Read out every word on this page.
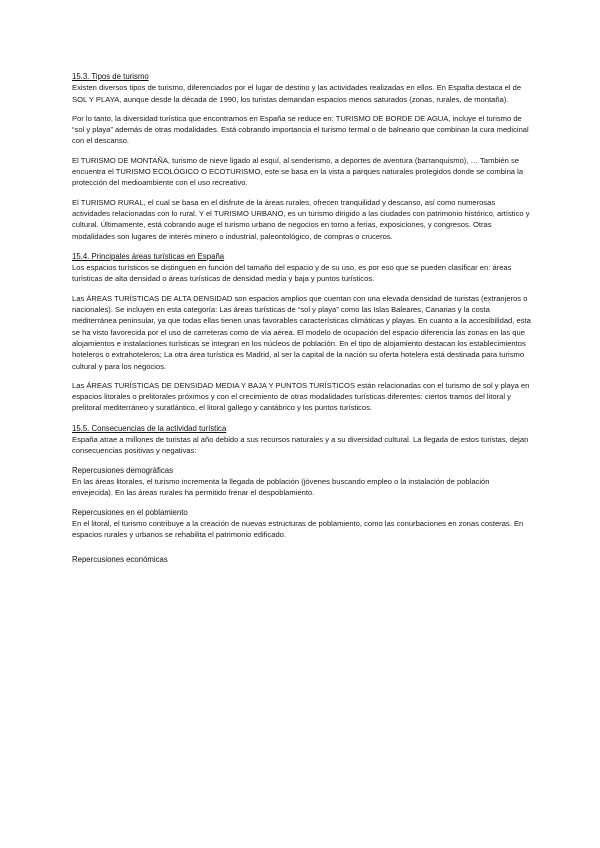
15.3. Tipos de turismo

Existen diversos tipos de turismo, diferenciados por el lugar de destino y las actividades realizadas en ellos. En España destaca el de SOL Y PLAYA, aunque desde la década de 1990, los turistas demandan espacios menos saturados (zonas, rurales, de montaña).

Por lo tanto, la diversidad turística que encontramos en España se reduce en: TURISMO DE BORDE DE AGUA, incluye el turismo de “sol y playa” además de otras modalidades. Está cobrando importancia el turismo termal o de balneario que combinan la cura medicinal con el descanso.

El TURISMO DE MONTAÑA, turismo de nieve ligado al esquí, al senderismo, a deportes de aventura (barranquismo), … También se encuentra el TURISMO ECOLÓGICO O ECOTURISMO, este se basa en la vista a parques naturales protegidos donde se combina la protección del medioambiente con el uso recreativo.

El TURISMO RURAL, el cual se basa en el disfrute de la áreas rurales, ofrecen tranquilidad y descanso, así como numerosas actividades relacionadas con lo rural. Y el TURISMO URBANO, es un turismo dirigido a las ciudades con patrimonio histórico, artístico y cultural. Últimamente, está cobrando auge el turismo urbano de negocios en torno a ferias, exposiciones, y congresos. Otras modalidades son lugares de interés minero o industrial, paleontológico, de compras o cruceros.

15.4. Principales áreas turísticas en España

Los espacios turísticos se distinguen en función del tamaño del espacio y de su uso, es por eso que se pueden clasificar en: áreas turísticas de alta densidad o áreas turísticas de densidad media y baja y puntos turísticos.

Las ÁREAS TURÍSTICAS DE ALTA DENSIDAD son espacios amplios que cuentan con una elevada densidad de turistas (extranjeros o nacionales). Se incluyen en esta categoría: Las áreas turísticas de “sol y playa” como las Islas Baleares, Canarias y la costa mediterránea peninsular, ya que todas ellas tienen unas favorables características climáticas y playas. En cuanto a la accesibilidad, esta se ha visto favorecida por el uso de carreteras como de vía aérea. El modelo de ocupación del espacio diferencia las zonas en las que alojamientos e instalaciones turísticas se integran en los núcleos de población. En el tipo de alojamiento destacan los establecimientos hoteleros o extrahoteleros; La otra área turística es Madrid, al ser la capital de la nación su oferta hotelera está destinada para turismo cultural y para los negocios.

Las ÁREAS TURÍSTICAS DE DENSIDAD MEDIA Y BAJA Y PUNTOS TURÍSTICOS están relacionadas con el turismo de sol y playa en espacios litorales o prelitorales próximos y con el crecimiento de otras modalidades turísticas diferentes: ciertos tramos del litoral y prelitoral mediterráneo y suratlántico, el litoral gallego y cantábrico y los puntos turísticos.

15.5. Consecuencias de la actividad turística

España atrae a millones de turistas al año debido a sus recursos naturales y a su diversidad cultural. La llegada de estos turistas, dejan consecuencias positivas y negativas:

Repercusiones demográficas

En las áreas litorales, el turismo incrementa la llegada de población (jóvenes buscando empleo o la instalación de población envejecida). En las áreas rurales ha permitido frenar el despoblamiento.

Repercusiones en el poblamiento

En el litoral, el turismo contribuye a la creación de nuevas estructuras de poblamiento, como las conurbaciones en zonas costeras. En espacios rurales y urbanos se rehabilita el patrimonio edificado.

Repercusiones económicas
